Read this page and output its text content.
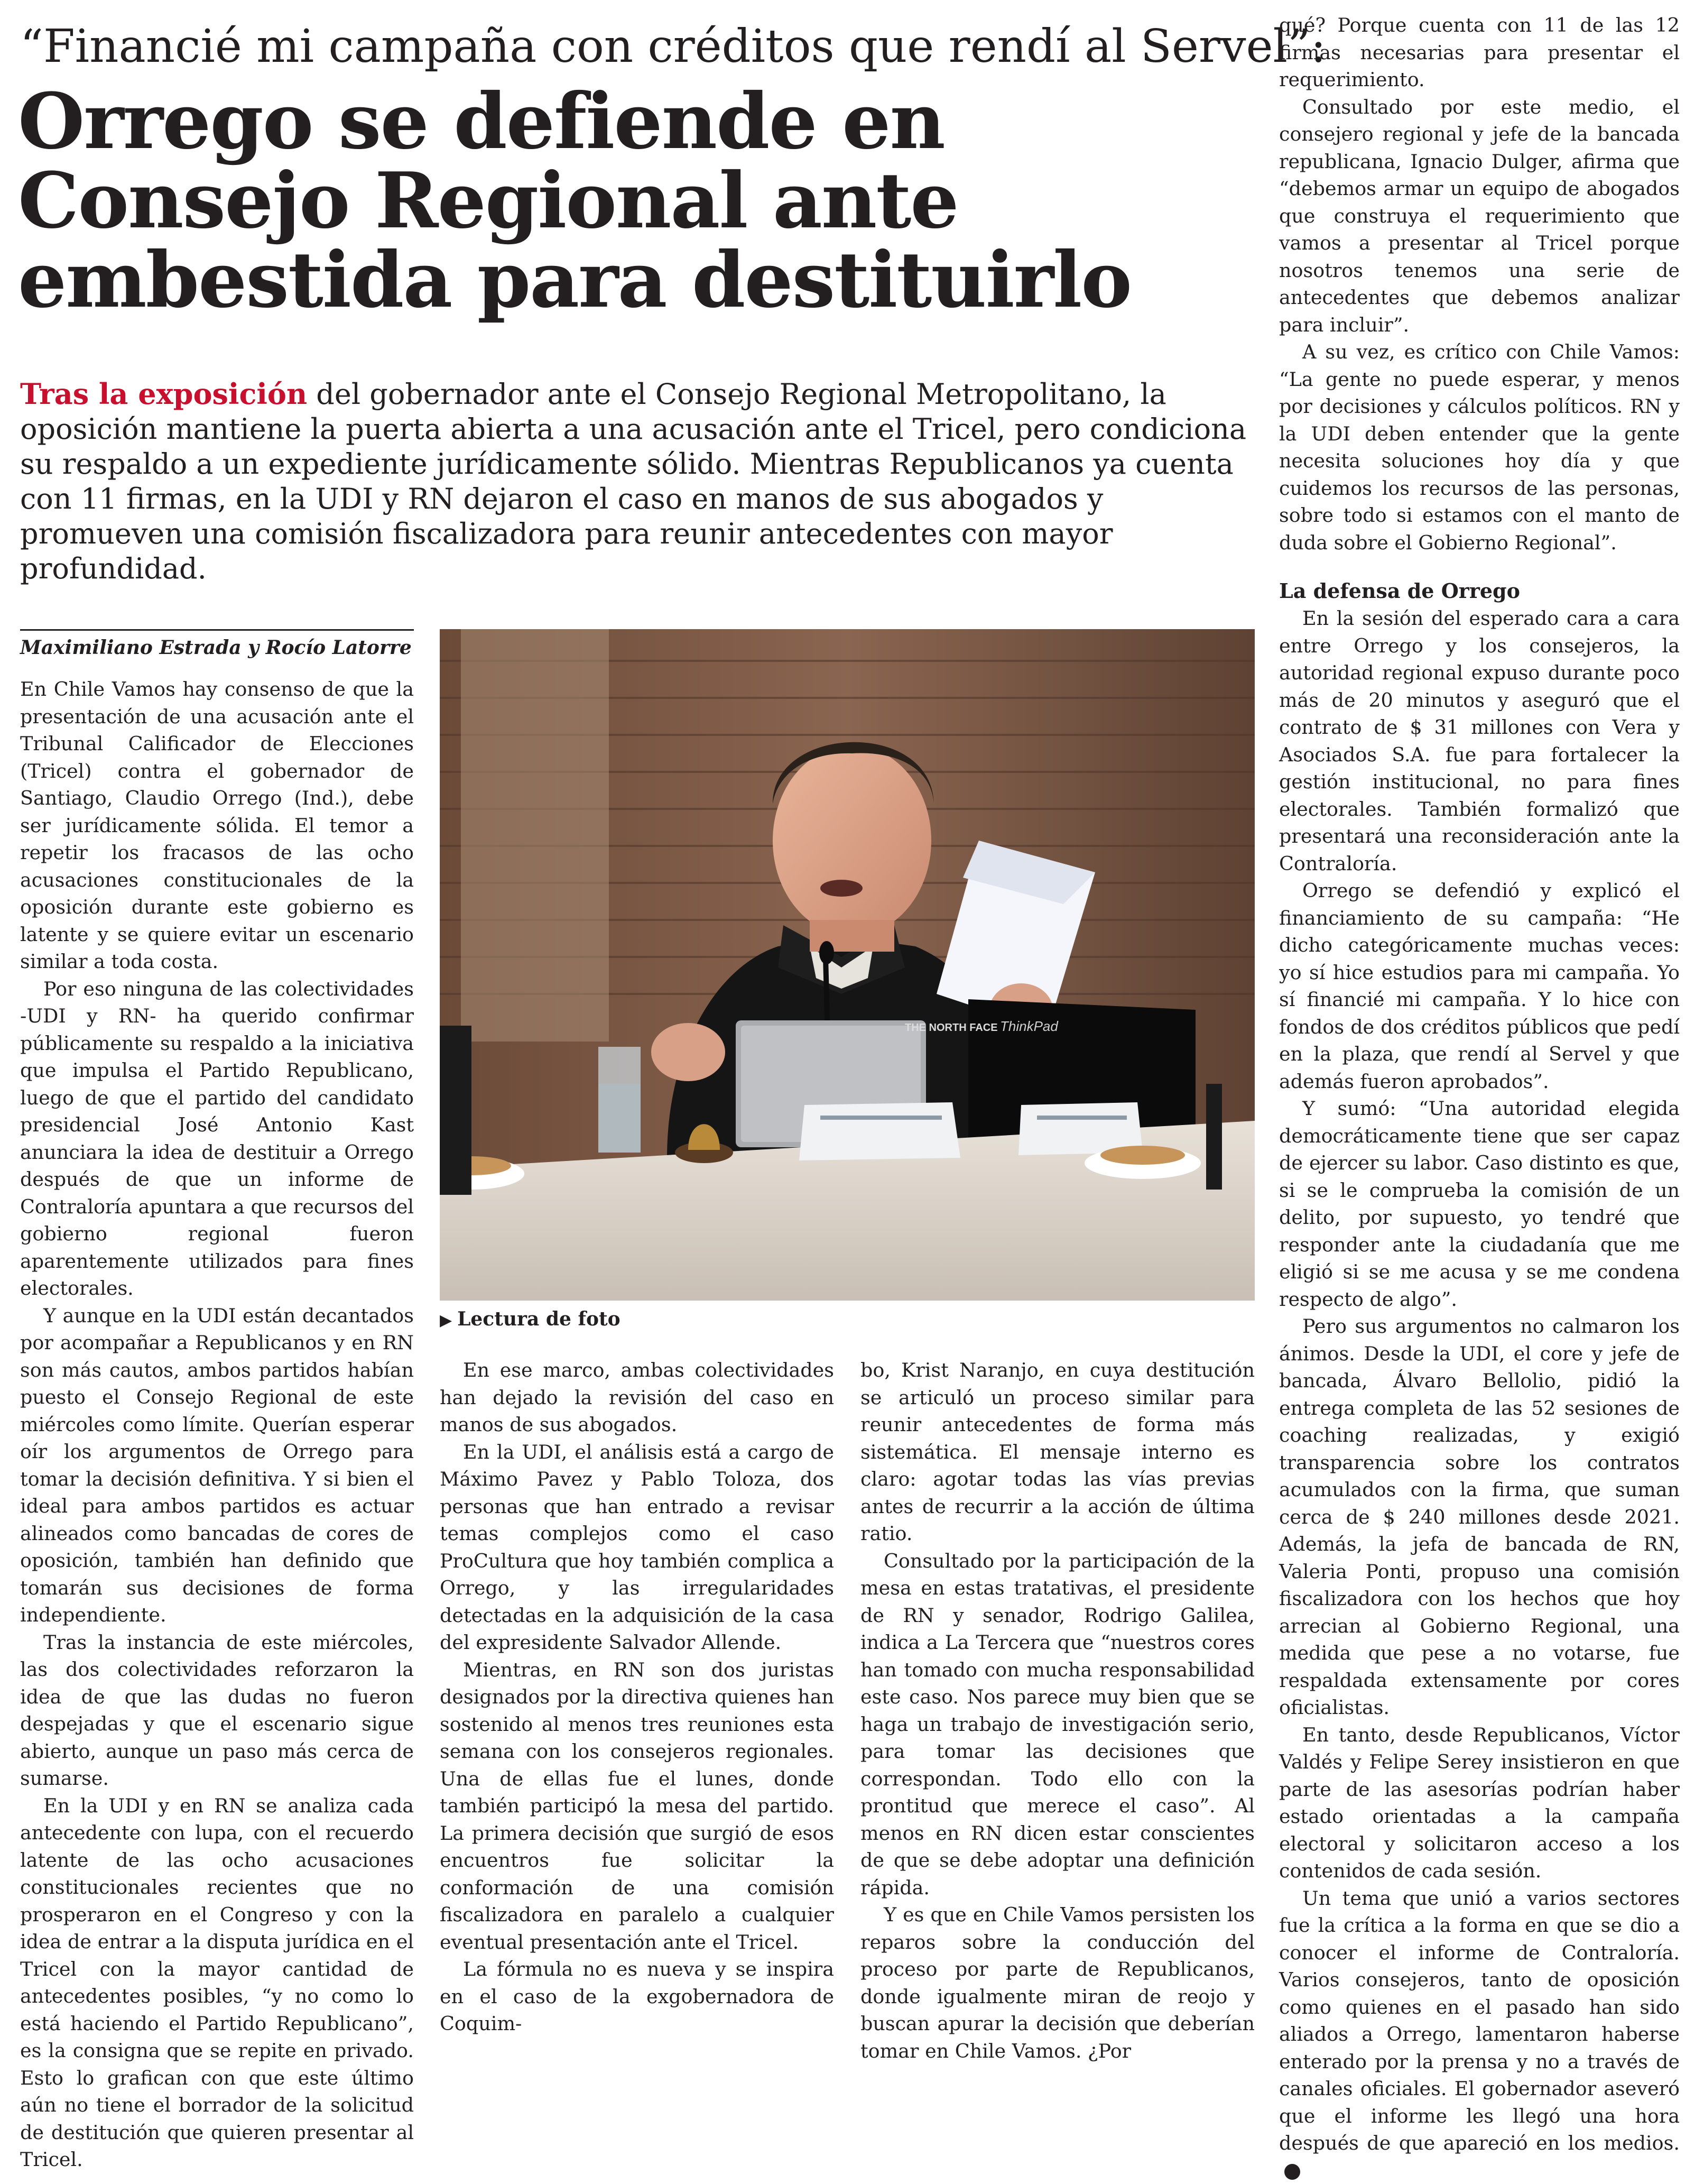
“Financié mi campaña con créditos que rendí al Servel”:
Orrego se defiende en
Consejo Regional ante
embestida para destituirlo
Tras la exposición del gobernador ante el Consejo Regional Metropolitano, la oposición mantiene la puerta abierta a una acusación ante el Tricel, pero condiciona su respaldo a un expediente jurídicamente sólido. Mientras Republicanos ya cuenta con 11 firmas, en la UDI y RN dejaron el caso en manos de sus abogados y promueven una comisión fiscalizadora para reunir antecedentes con mayor profundidad.
Maximiliano Estrada y Rocío Latorre

En Chile Vamos hay consenso de que la presentación de una acusación ante el Tribunal Calificador de Elecciones (Tricel) contra el gobernador de Santiago, Claudio Orrego (Ind.), debe ser jurídicamente sólida. El temor a repetir los fracasos de las ocho acusaciones constitucionales de la oposición durante este gobierno es latente y se quiere evitar un escenario similar a toda costa.

Por eso ninguna de las colectividades -UDI y RN- ha querido confirmar públicamente su respaldo a la iniciativa que impulsa el Partido Republicano, luego de que el partido del candidato presidencial José Antonio Kast anunciara la idea de destituir a Orrego después de que un informe de Contraloría apuntara a que recursos del gobierno regional fueron aparentemente utilizados para fines electorales.

Y aunque en la UDI están decantados por acompañar a Republicanos y en RN son más cautos, ambos partidos habían puesto el Consejo Regional de este miércoles como límite. Querían esperar oír los argumentos de Orrego para tomar la decisión definitiva. Y si bien el ideal para ambos partidos es actuar alineados como bancadas de cores de oposición, también han definido que tomarán sus decisiones de forma independiente.

Tras la instancia de este miércoles, las dos colectividades reforzaron la idea de que las dudas no fueron despejadas y que el escenario sigue abierto, aunque un paso más cerca de sumarse.

En la UDI y en RN se analiza cada antecedente con lupa, con el recuerdo latente de las ocho acusaciones constitucionales recientes que no prosperaron en el Congreso y con la idea de entrar a la disputa jurídica en el Tricel con la mayor cantidad de antecedentes posibles, “y no como lo está haciendo el Partido Republicano”, es la consigna que se repite en privado. Esto lo grafican con que este último aún no tiene el borrador de la solicitud de destitución que quieren presentar al Tricel.

ThinkPad
THE NORTH FACE
▶ Lectura de foto

En ese marco, ambas colectividades han dejado la revisión del caso en manos de sus abogados.

En la UDI, el análisis está a cargo de Máximo Pavez y Pablo Toloza, dos personas que han entrado a revisar temas complejos como el caso ProCultura que hoy también complica a Orrego, y las irregularidades detectadas en la adquisición de la casa del expresidente Salvador Allende.

Mientras, en RN son dos juristas designados por la directiva quienes han sostenido al menos tres reuniones esta semana con los consejeros regionales. Una de ellas fue el lunes, donde también participó la mesa del partido. La primera decisión que surgió de esos encuentros fue solicitar la conformación de una comisión fiscalizadora en paralelo a cualquier eventual presentación ante el Tricel.

La fórmula no es nueva y se inspira en el caso de la exgobernadora de Coquim-

bo, Krist Naranjo, en cuya destitución se articuló un proceso similar para reunir antecedentes de forma más sistemática. El mensaje interno es claro: agotar todas las vías previas antes de recurrir a la acción de última ratio.

Consultado por la participación de la mesa en estas tratativas, el presidente de RN y senador, Rodrigo Galilea, indica a La Tercera que “nuestros cores han tomado con mucha responsabilidad este caso. Nos parece muy bien que se haga un trabajo de investigación serio, para tomar las decisiones que correspondan. Todo ello con la prontitud que merece el caso”. Al menos en RN dicen estar conscientes de que se debe adoptar una definición rápida.

Y es que en Chile Vamos persisten los reparos sobre la conducción del proceso por parte de Republicanos, donde igualmente miran de reojo y buscan apurar la decisión que deberían tomar en Chile Vamos. ¿Por

qué? Porque cuenta con 11 de las 12 firmas necesarias para presentar el requerimiento.

Consultado por este medio, el consejero regional y jefe de la bancada republicana, Ignacio Dulger, afirma que “debemos armar un equipo de abogados que construya el requerimiento que vamos a presentar al Tricel porque nosotros tenemos una serie de antecedentes que debemos analizar para incluir”.

A su vez, es crítico con Chile Vamos: “La gente no puede esperar, y menos por decisiones y cálculos políticos. RN y la UDI deben entender que la gente necesita soluciones hoy día y que cuidemos los recursos de las personas, sobre todo si estamos con el manto de duda sobre el Gobierno Regional”.

La defensa de Orrego

En la sesión del esperado cara a cara entre Orrego y los consejeros, la autoridad regional expuso durante poco más de 20 minutos y aseguró que el contrato de $ 31 millones con Vera y Asociados S.A. fue para fortalecer la gestión institucional, no para fines electorales. También formalizó que presentará una reconsideración ante la Contraloría.

Orrego se defendió y explicó el financiamiento de su campaña: “He dicho categóricamente muchas veces: yo sí hice estudios para mi campaña. Yo sí financié mi campaña. Y lo hice con fondos de dos créditos públicos que pedí en la plaza, que rendí al Servel y que además fueron aprobados”.

Y sumó: “Una autoridad elegida democráticamente tiene que ser capaz de ejercer su labor. Caso distinto es que, si se le comprueba la comisión de un delito, por supuesto, yo tendré que responder ante la ciudadanía que me eligió si se me acusa y se me condena respecto de algo”.

Pero sus argumentos no calmaron los ánimos. Desde la UDI, el core y jefe de bancada, Álvaro Bellolio, pidió la entrega completa de las 52 sesiones de coaching realizadas, y exigió transparencia sobre los contratos acumulados con la firma, que suman cerca de $ 240 millones desde 2021. Además, la jefa de bancada de RN, Valeria Ponti, propuso una comisión fiscalizadora con los hechos que hoy arrecian al Gobierno Regional, una medida que pese a no votarse, fue respaldada extensamente por cores oficialistas.

En tanto, desde Republicanos, Víctor Valdés y Felipe Serey insistieron en que parte de las asesorías podrían haber estado orientadas a la campaña electoral y solicitaron acceso a los contenidos de cada sesión.

Un tema que unió a varios sectores fue la crítica a la forma en que se dio a conocer el informe de Contraloría. Varios consejeros, tanto de oposición como quienes en el pasado han sido aliados a Orrego, lamentaron haberse enterado por la prensa y no a través de canales oficiales. El gobernador aseveró que el informe les llegó una hora después de que apareció en los medios.
